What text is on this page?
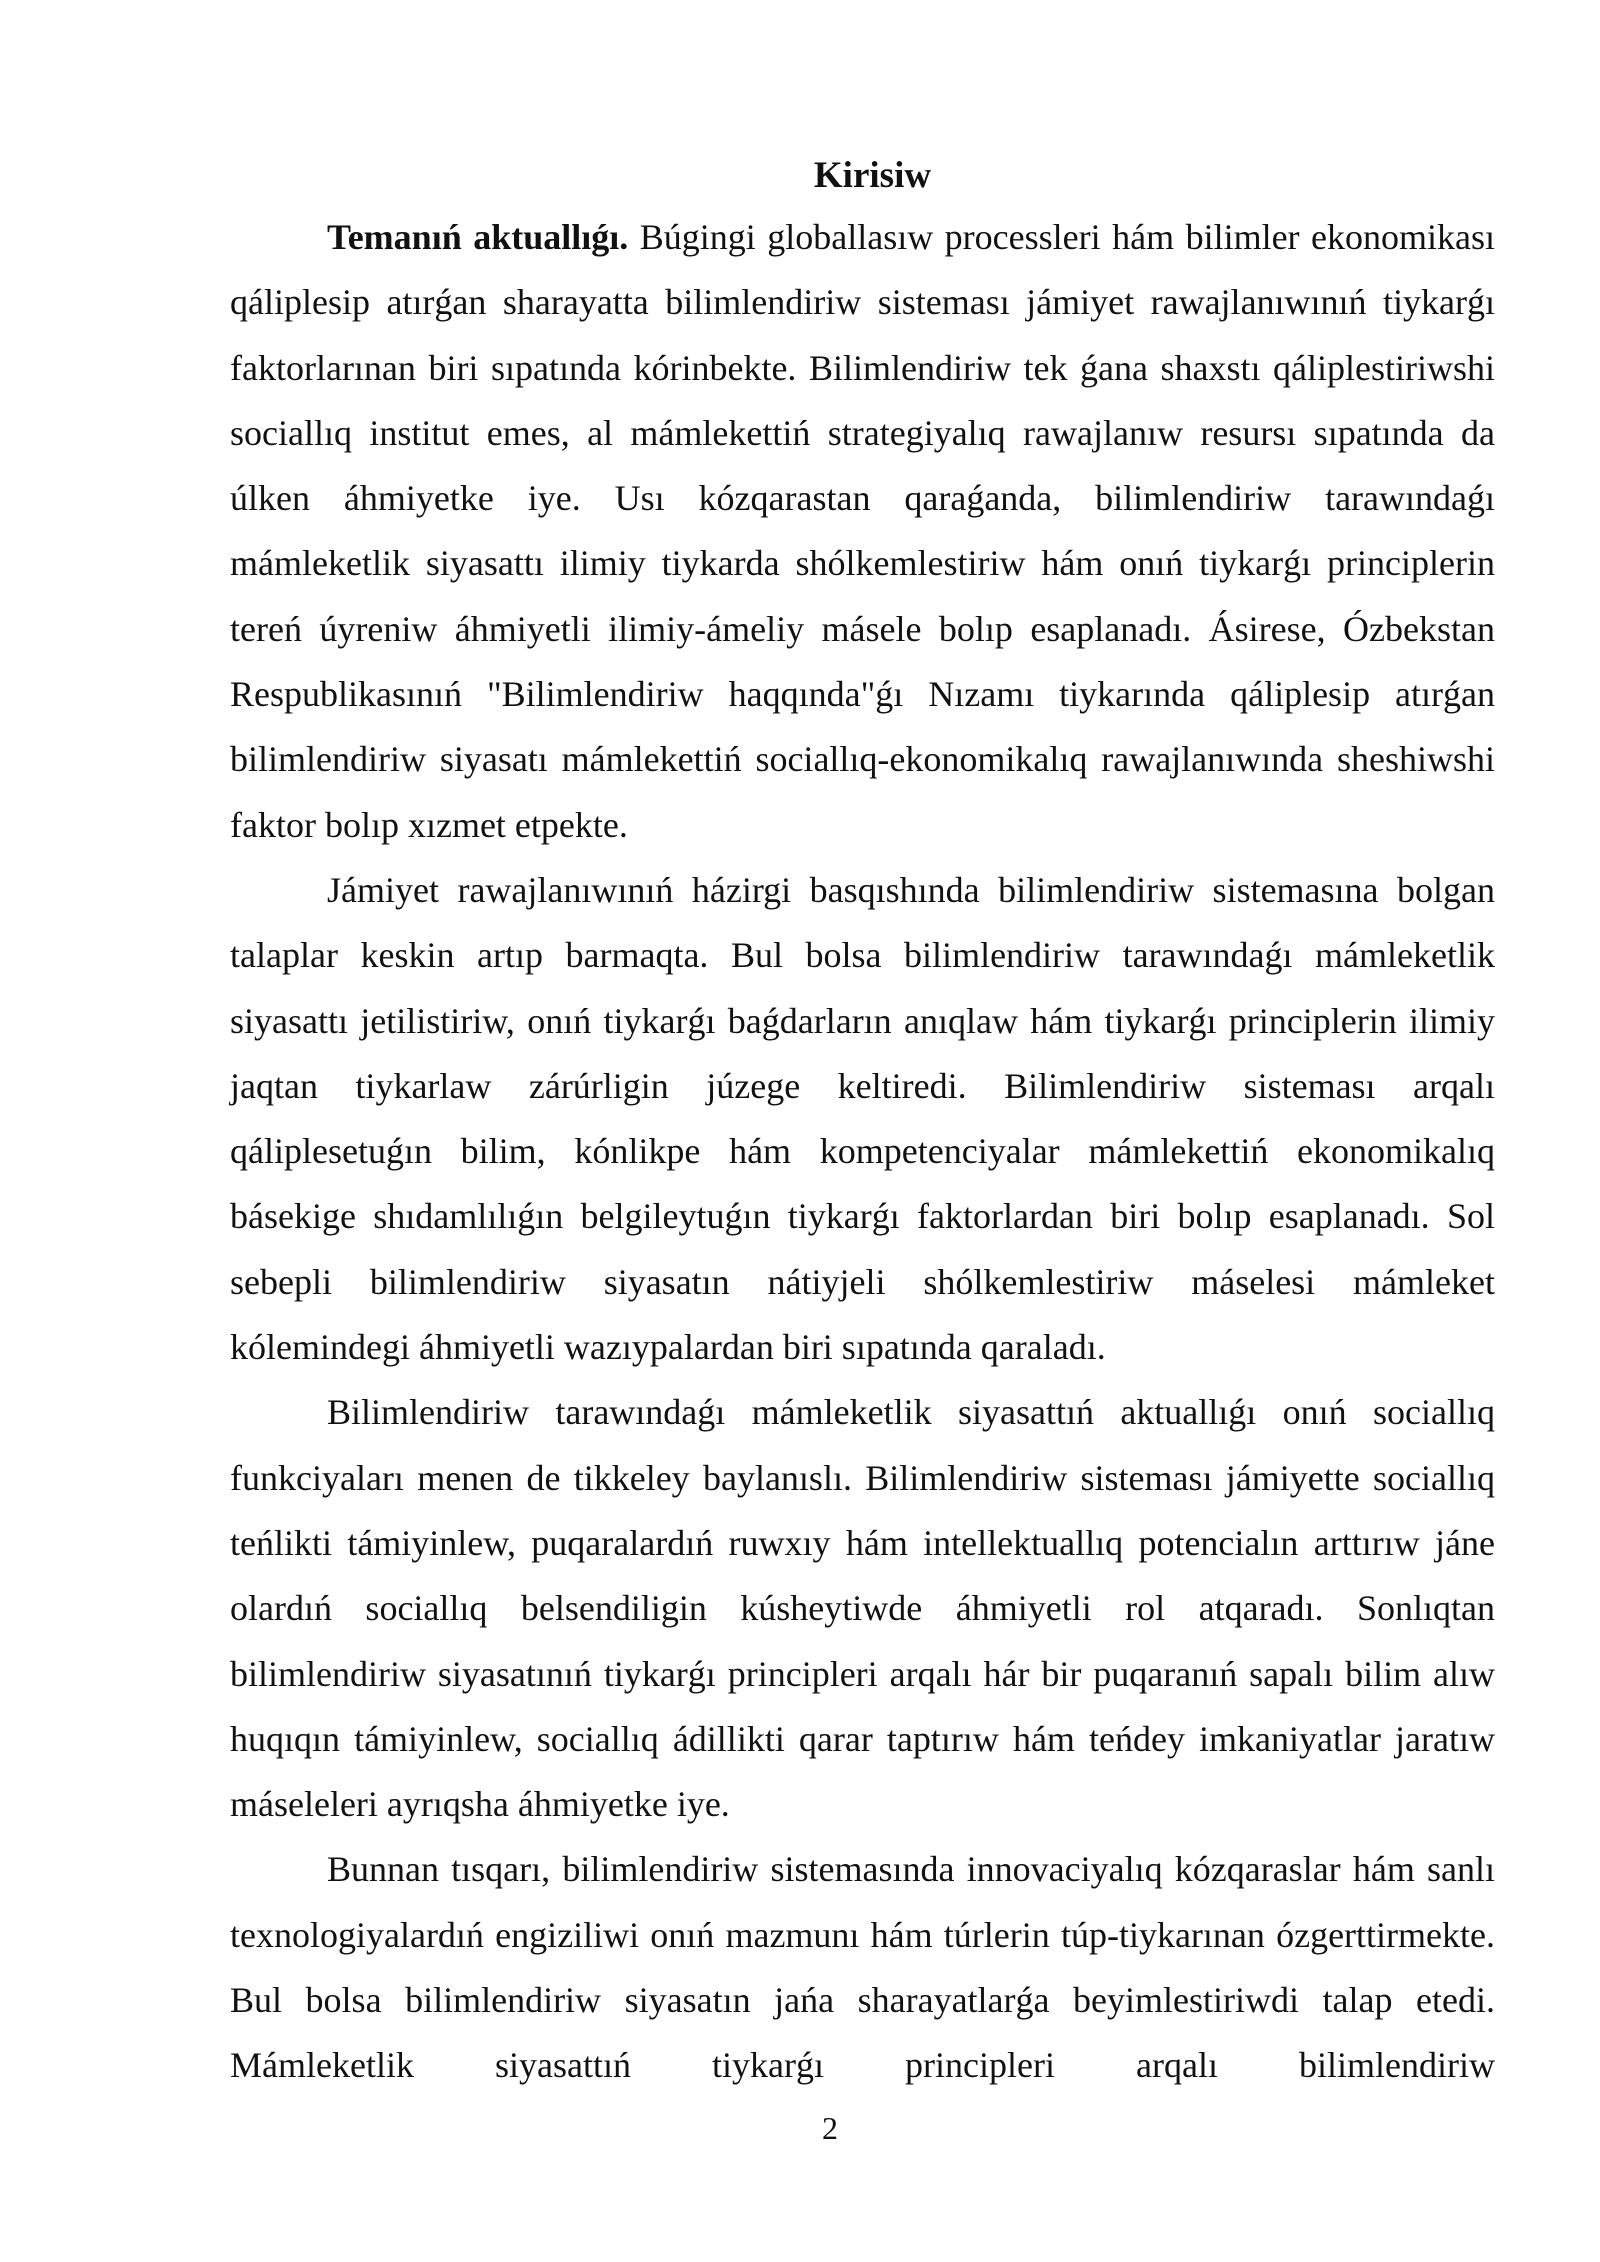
Kirisiw

Temanıń aktuallıǵı. Búgingi globallasıw processleri hám bilimler ekonomikası qáliplesip atırǵan sharayatta bilimlendiriw sisteması jámiyet rawajlanıwınıń tiykarǵı faktorlarınan biri sıpatında kórinbekte. Bilimlendiriw tek ǵana shaxstı qáliplestiriwshi sociallıq institut emes, al mámlekettiń strategiyalıq rawajlanıw resursı sıpatında da úlken áhmiyetke iye. Usı kózqarastan qaraǵanda, bilimlendiriw tarawındaǵı mámleketlik siyasattı ilimiy tiykarda shólkemlestiriw hám onıń tiykarǵı principlerin tereń úyreniw áhmiyetli ilimiy-ámeliy másele bolıp esaplanadı. Ásirese, Ózbekstan Respublikasınıń "Bilimlendiriw haqqında"ǵı Nızamı tiykarında qáliplesip atırǵan bilimlendiriw siyasatı mámlekettiń sociallıq-ekonomikalıq rawajlanıwında sheshiwshi faktor bolıp xızmet etpekte.

Jámiyet rawajlanıwınıń házirgi basqıshında bilimlendiriw sistemasına bolgan talaplar keskin artıp barmaqta. Bul bolsa bilimlendiriw tarawındaǵı mámleketlik siyasattı jetilistiriw, onıń tiykarǵı baǵdarların anıqlaw hám tiykarǵı principlerin ilimiy jaqtan tiykarlaw zárúrligin júzege keltiredi. Bilimlendiriw sisteması arqalı qáliplesetuǵın bilim, kónlikpe hám kompetenciyalar mámlekettiń ekonomikalıq básekige shıdamlılıǵın belgileytuǵın tiykarǵı faktorlardan biri bolıp esaplanadı. Sol sebepli bilimlendiriw siyasatın nátiyjeli shólkemlestiriw máselesi mámleket kólemindegi áhmiyetli wazıypalardan biri sıpatında qaraladı.

Bilimlendiriw tarawındaǵı mámleketlik siyasattıń aktuallıǵı onıń sociallıq funkciyaları menen de tikkeley baylanıslı. Bilimlendiriw sisteması jámiyette sociallıq teńlikti támiyinlew, puqaralardıń ruwxıy hám intellektuallıq potencialın arttırıw jáne olardıń sociallıq belsendiligin kúsheytiwde áhmiyetli rol atqaradı. Sonlıqtan bilimlendiriw siyasatınıń tiykarǵı principleri arqalı hár bir puqaranıń sapalı bilim alıw huqıqın támiyinlew, sociallıq ádillikti qarar taptırıw hám teńdey imkaniyatlar jaratıw máseleleri ayrıqsha áhmiyetke iye.

Bunnan tısqarı, bilimlendiriw sistemasında innovaciyalıq kózqaraslar hám sanlı texnologiyalardıń engiziliwi onıń mazmunı hám túrlerin túp-tiykarınan ózgerttirmekte. Bul bolsa bilimlendiriw siyasatın jańa sharayatlarǵa beyimlestiriwdi talap etedi. Mámleketlik siyasattıń tiykarǵı principleri arqalı bilimlendiriw

2
